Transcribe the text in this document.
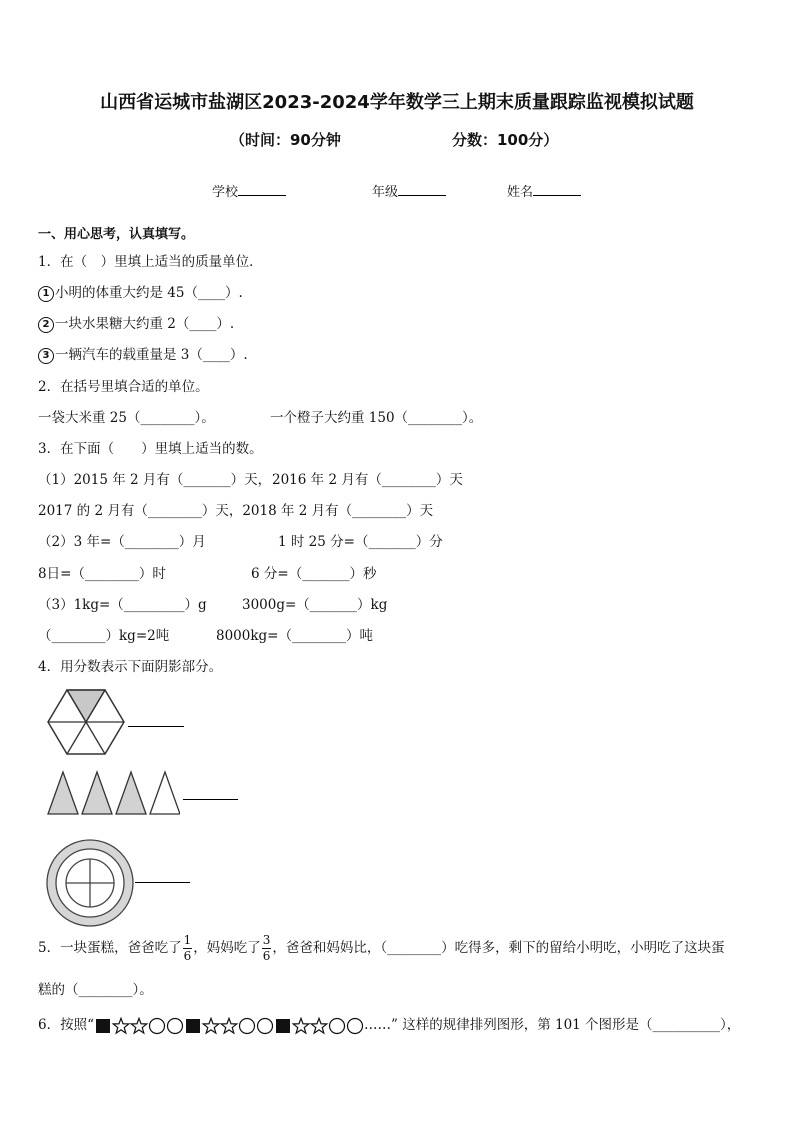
山西省运城市盐湖区2023-2024学年数学三上期末质量跟踪监视模拟试题
（时间：90分钟	分数：100分）
学校	年级	姓名
一、用心思考，认真填写。
1．在（　）里填上适当的质量单位．
1 小明的体重大约是 45（____）.
2 一块水果糖大约重 2（____）.
3 一辆汽车的载重量是 3（____）.
2．在括号里填合适的单位。
一袋大米重 25（________）。	一个橙子大约重 150（________）。
3．在下面（　　）里填上适当的数。
（1）2015 年 2 月有（_______）天， 2016 年 2 月有（________）天
2017 的 2 月有（________）天，2018 年 2 月有（________）天
（2）3 年=（________）月	1 时 25 分=（_______）分
8日=（________）时	6 分=（_______）秒
（3）1kg=（_________）g	3000g=（_______）kg
（________）kg=2吨	8000kg=（________）吨
4．用分数表示下面阴影部分。
5．一块蛋糕，爸爸吃了 $\frac{1}{6}$ ，妈妈吃了 $\frac{3}{6}$ ，爸爸和妈妈比，（________）吃得多，剩下的留给小明吃，小明吃了这块蛋
糕的（________）。
6．按照“	……” 这样的规律排列图形，第 101 个图形是（__________），
